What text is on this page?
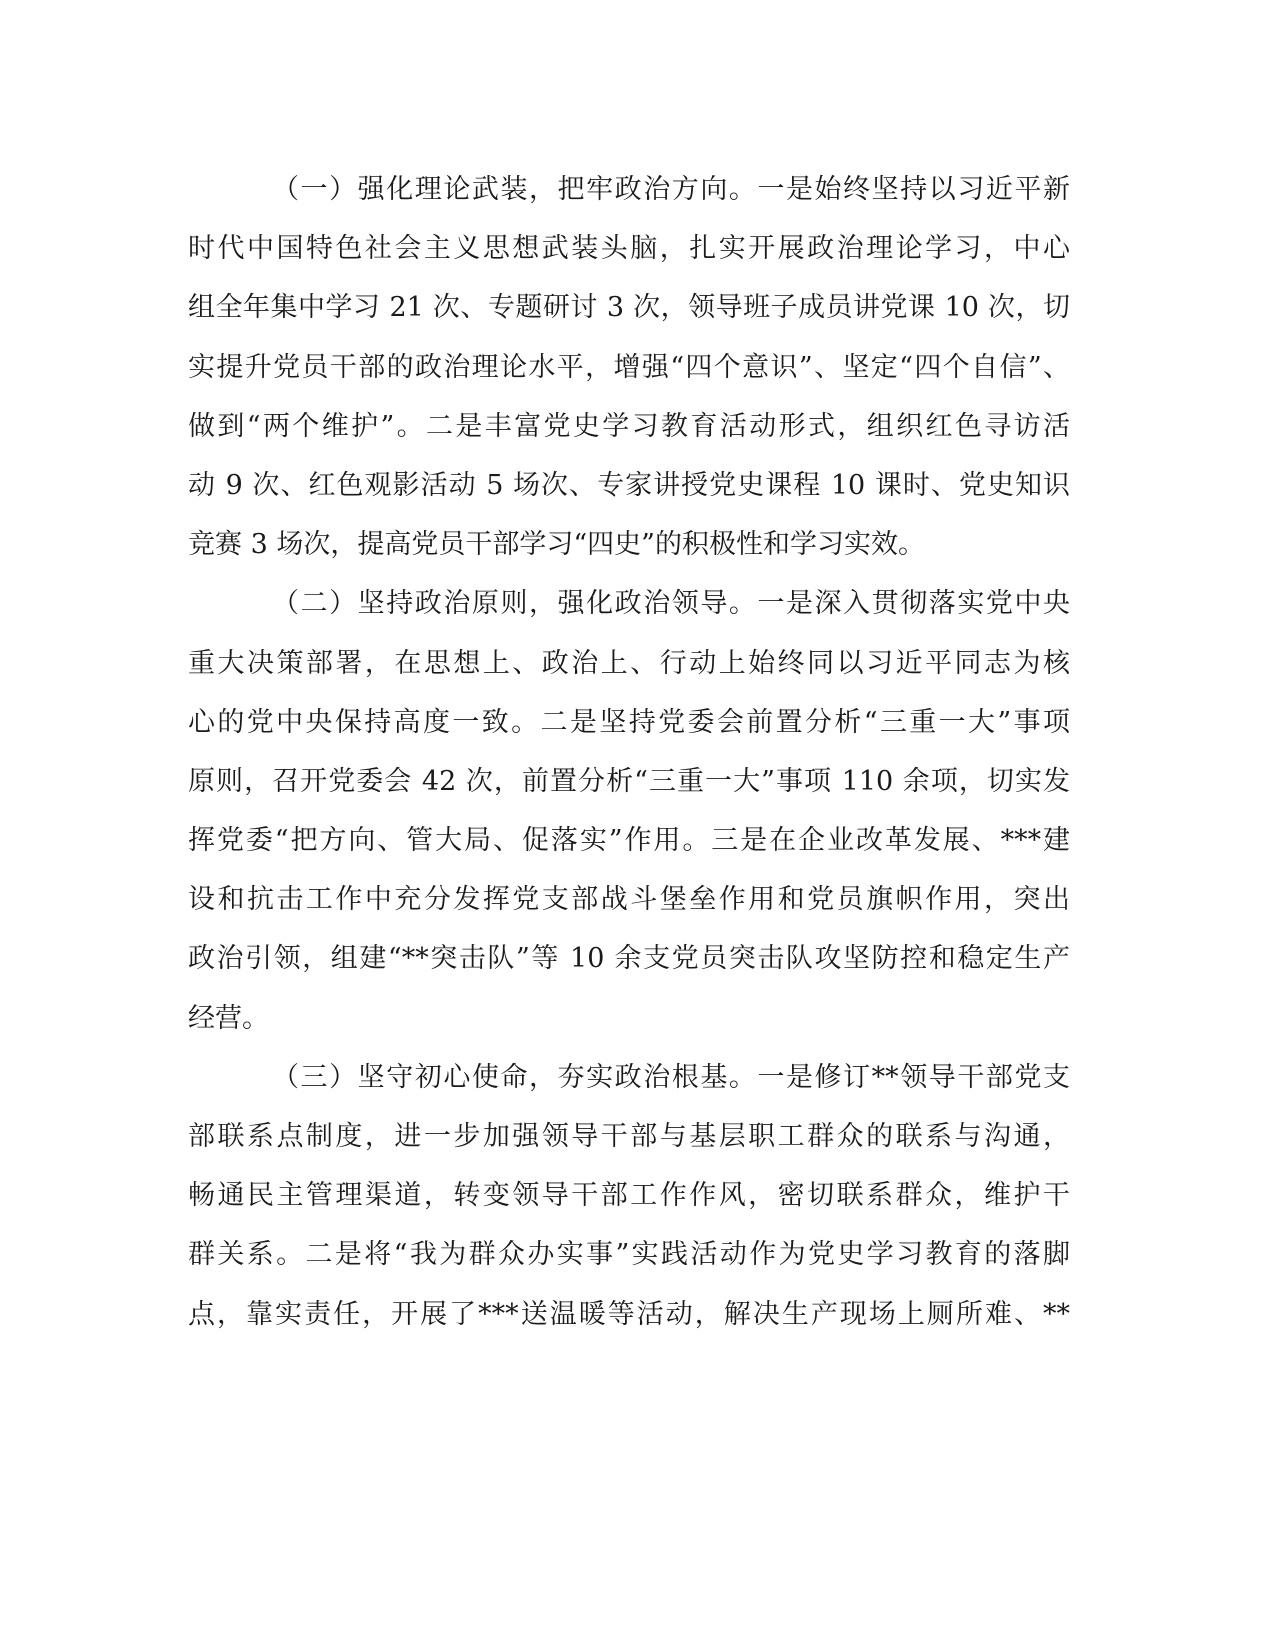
（一）强化理论武装，把牢政治方向。一是始终坚持以习近平新
时代中国特色社会主义思想武装头脑，扎实开展政治理论学习，中心
组全年集中学习 21 次、专题研讨 3 次，领导班子成员讲党课 10 次，切
实提升党员干部的政治理论水平，增强“四个意识”、坚定“四个自信”、
做到“两个维护”。二是丰富党史学习教育活动形式，组织红色寻访活
动 9 次、红色观影活动 5 场次、专家讲授党史课程 10 课时、党史知识
竞赛 3 场次，提高党员干部学习“四史”的积极性和学习实效。
（二）坚持政治原则，强化政治领导。一是深入贯彻落实党中央
重大决策部署，在思想上、政治上、行动上始终同以习近平同志为核
心的党中央保持高度一致。二是坚持党委会前置分析“三重一大”事项
原则，召开党委会 42 次，前置分析“三重一大”事项 110 余项，切实发
挥党委“把方向、管大局、促落实”作用。三是在企业改革发展、***建
设和抗击工作中充分发挥党支部战斗堡垒作用和党员旗帜作用，突出
政治引领，组建“**突击队”等 10 余支党员突击队攻坚防控和稳定生产
经营。
（三）坚守初心使命，夯实政治根基。一是修订**领导干部党支
部联系点制度，进一步加强领导干部与基层职工群众的联系与沟通，
畅通民主管理渠道，转变领导干部工作作风，密切联系群众，维护干
群关系。二是将“我为群众办实事”实践活动作为党史学习教育的落脚
点，靠实责任，开展了***送温暖等活动，解决生产现场上厕所难、**
